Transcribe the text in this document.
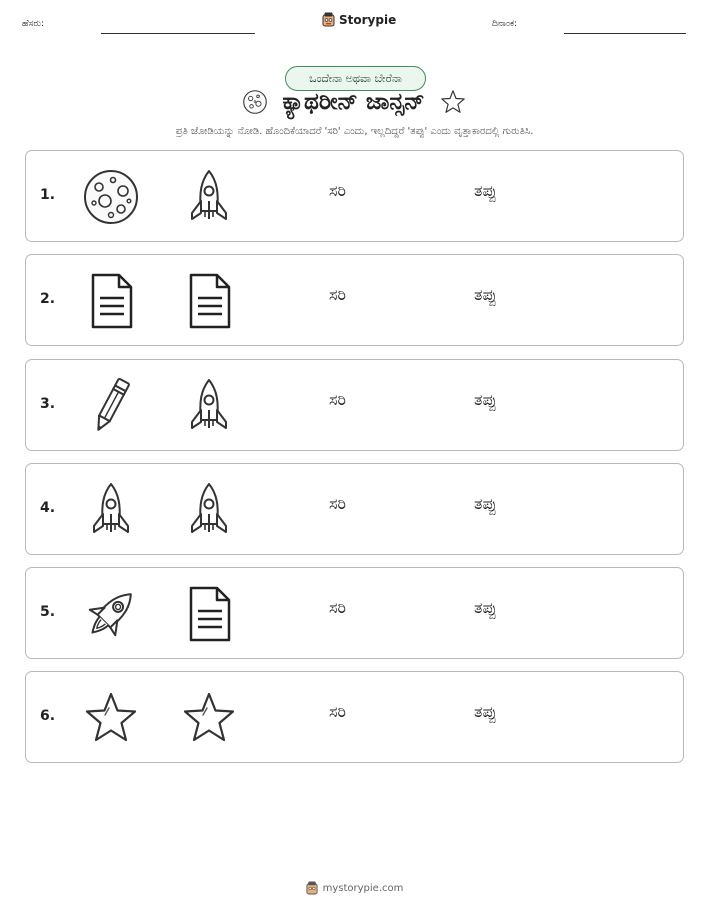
ಹೆಸರು:	Storypie	ದಿನಾಂಕ:
ಒಂದೇನಾ ಅಥವಾ ಬೇರೆನಾ
ಕ್ಯಾಥರೀನ್ ಜಾನ್ಸನ್
ಪ್ರತಿ ಜೋಡಿಯನ್ನು ನೋಡಿ. ಹೊಂದಿಕೆಯಾದರೆ 'ಸರಿ' ಎಂದು, ಇಲ್ಲದಿದ್ದರೆ 'ತಪ್ಪು' ಎಂದು ವೃತ್ತಾಕಾರದಲ್ಲಿ ಗುರುತಿಸಿ.
1.	ಸರಿ	ತಪ್ಪು
2.	ಸರಿ	ತಪ್ಪು
3.	ಸರಿ	ತಪ್ಪು
4.	ಸರಿ	ತಪ್ಪು
5.	ಸರಿ	ತಪ್ಪು
6.	ಸರಿ	ತಪ್ಪು
mystorypie.com
